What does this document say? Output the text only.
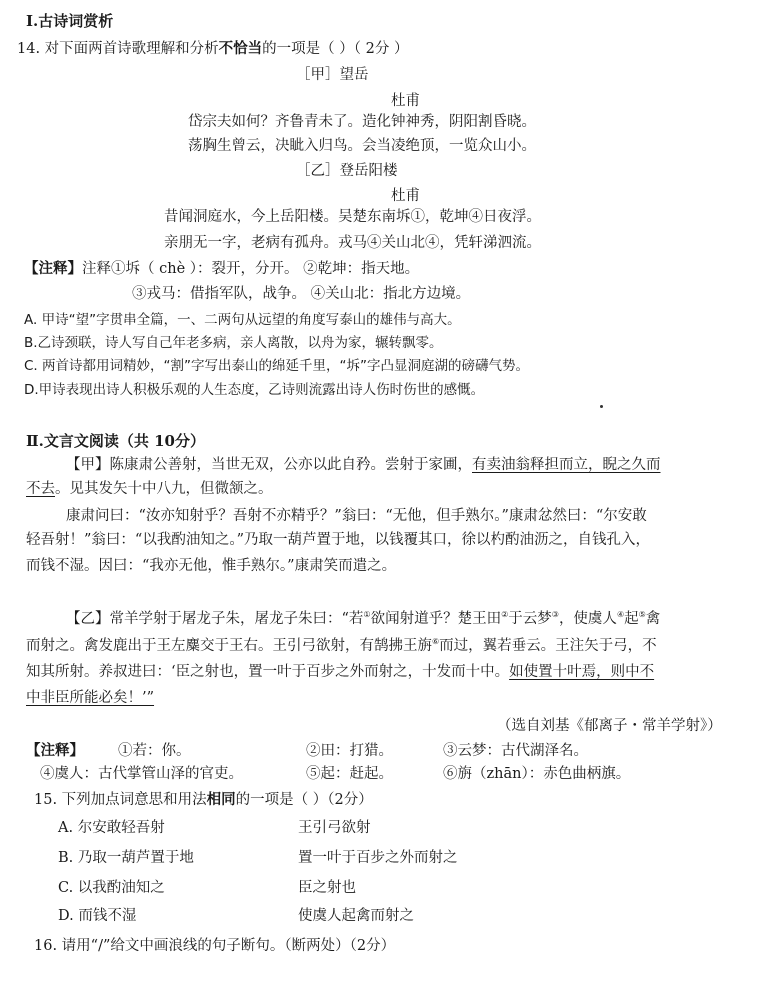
Ⅰ.古诗词赏析
14. 对下面两首诗歌理解和分析不恰当的一项是（ ）（ 2分 ）
［甲］望岳
杜甫
岱宗夫如何？齐鲁青未了。造化钟神秀，阴阳割昏晓。
荡胸生曾云，决眦入归鸟。会当凌绝顶，一览众山小。
［乙］登岳阳楼
杜甫
昔闻洞庭水，今上岳阳楼。吴楚东南坼①，乾坤④日夜浮。
亲朋无一字，老病有孤舟。戎马④关山北④，凭轩涕泗流。
【注释】注释①坼（ chè ）：裂开，分开。 ②乾坤：指天地。
③戎马：借指军队，战争。 ④关山北：指北方边境。
A. 甲诗“望”字贯串全篇，一、二两句从远望的角度写泰山的雄伟与高大。
B.乙诗颈联，诗人写自己年老多病，亲人离散，以舟为家，辗转飘零。
C. 两首诗都用词精妙，“割”字写出泰山的绵延千里，“坼”字凸显洞庭湖的磅礴气势。
D.甲诗表现出诗人积极乐观的人生态度，乙诗则流露出诗人伤时伤世的感慨。
Ⅱ.文言文阅读（共 10分）
【甲】陈康肃公善射，当世无双，公亦以此自矜。尝射于家圃，有卖油翁释担而立，睨之久而
不去。见其发矢十中八九，但微颔之。
康肃问曰：“汝亦知射乎？吾射不亦精乎？”翁曰：“无他，但手熟尔。”康肃忿然曰：“尔安敢
轻吾射！”翁曰：“以我酌油知之。”乃取一葫芦置于地，以钱覆其口，徐以杓酌油沥之，自钱孔入，
而钱不湿。因曰：“我亦无他，惟手熟尔。”康肃笑而遣之。
【乙】常羊学射于屠龙子朱，屠龙子朱曰：“若①欲闻射道乎？楚王田②于云梦③，使虞人④起⑤禽
而射之。禽发鹿出于王左麋交于王右。王引弓欲射，有鹄拂王旃⑥而过，翼若垂云。王注矢于弓，不
知其所射。养叔进曰：‘臣之射也，置一叶于百步之外而射之，十发而十中。如使置十叶焉，则中不
中非臣所能必矣！’”
（选自刘基《郁离子・常羊学射》）
【注释】 ①若：你。	②田：打猎。	③云梦：古代湖泽名。
④虞人：古代掌管山泽的官吏。	⑤起：赶起。	⑥旃（zhān）：赤色曲柄旗。
15. 下列加点词意思和用法相同的一项是（ ）（2分）
A. 尔安敢轻吾射	王引弓欲射
B. 乃取一葫芦置于地	置一叶于百步之外而射之
C. 以我酌油知之	臣之射也
D. 而钱不湿	使虞人起禽而射之
16. 请用“/”给文中画浪线的句子断句。（断两处）（2分）
